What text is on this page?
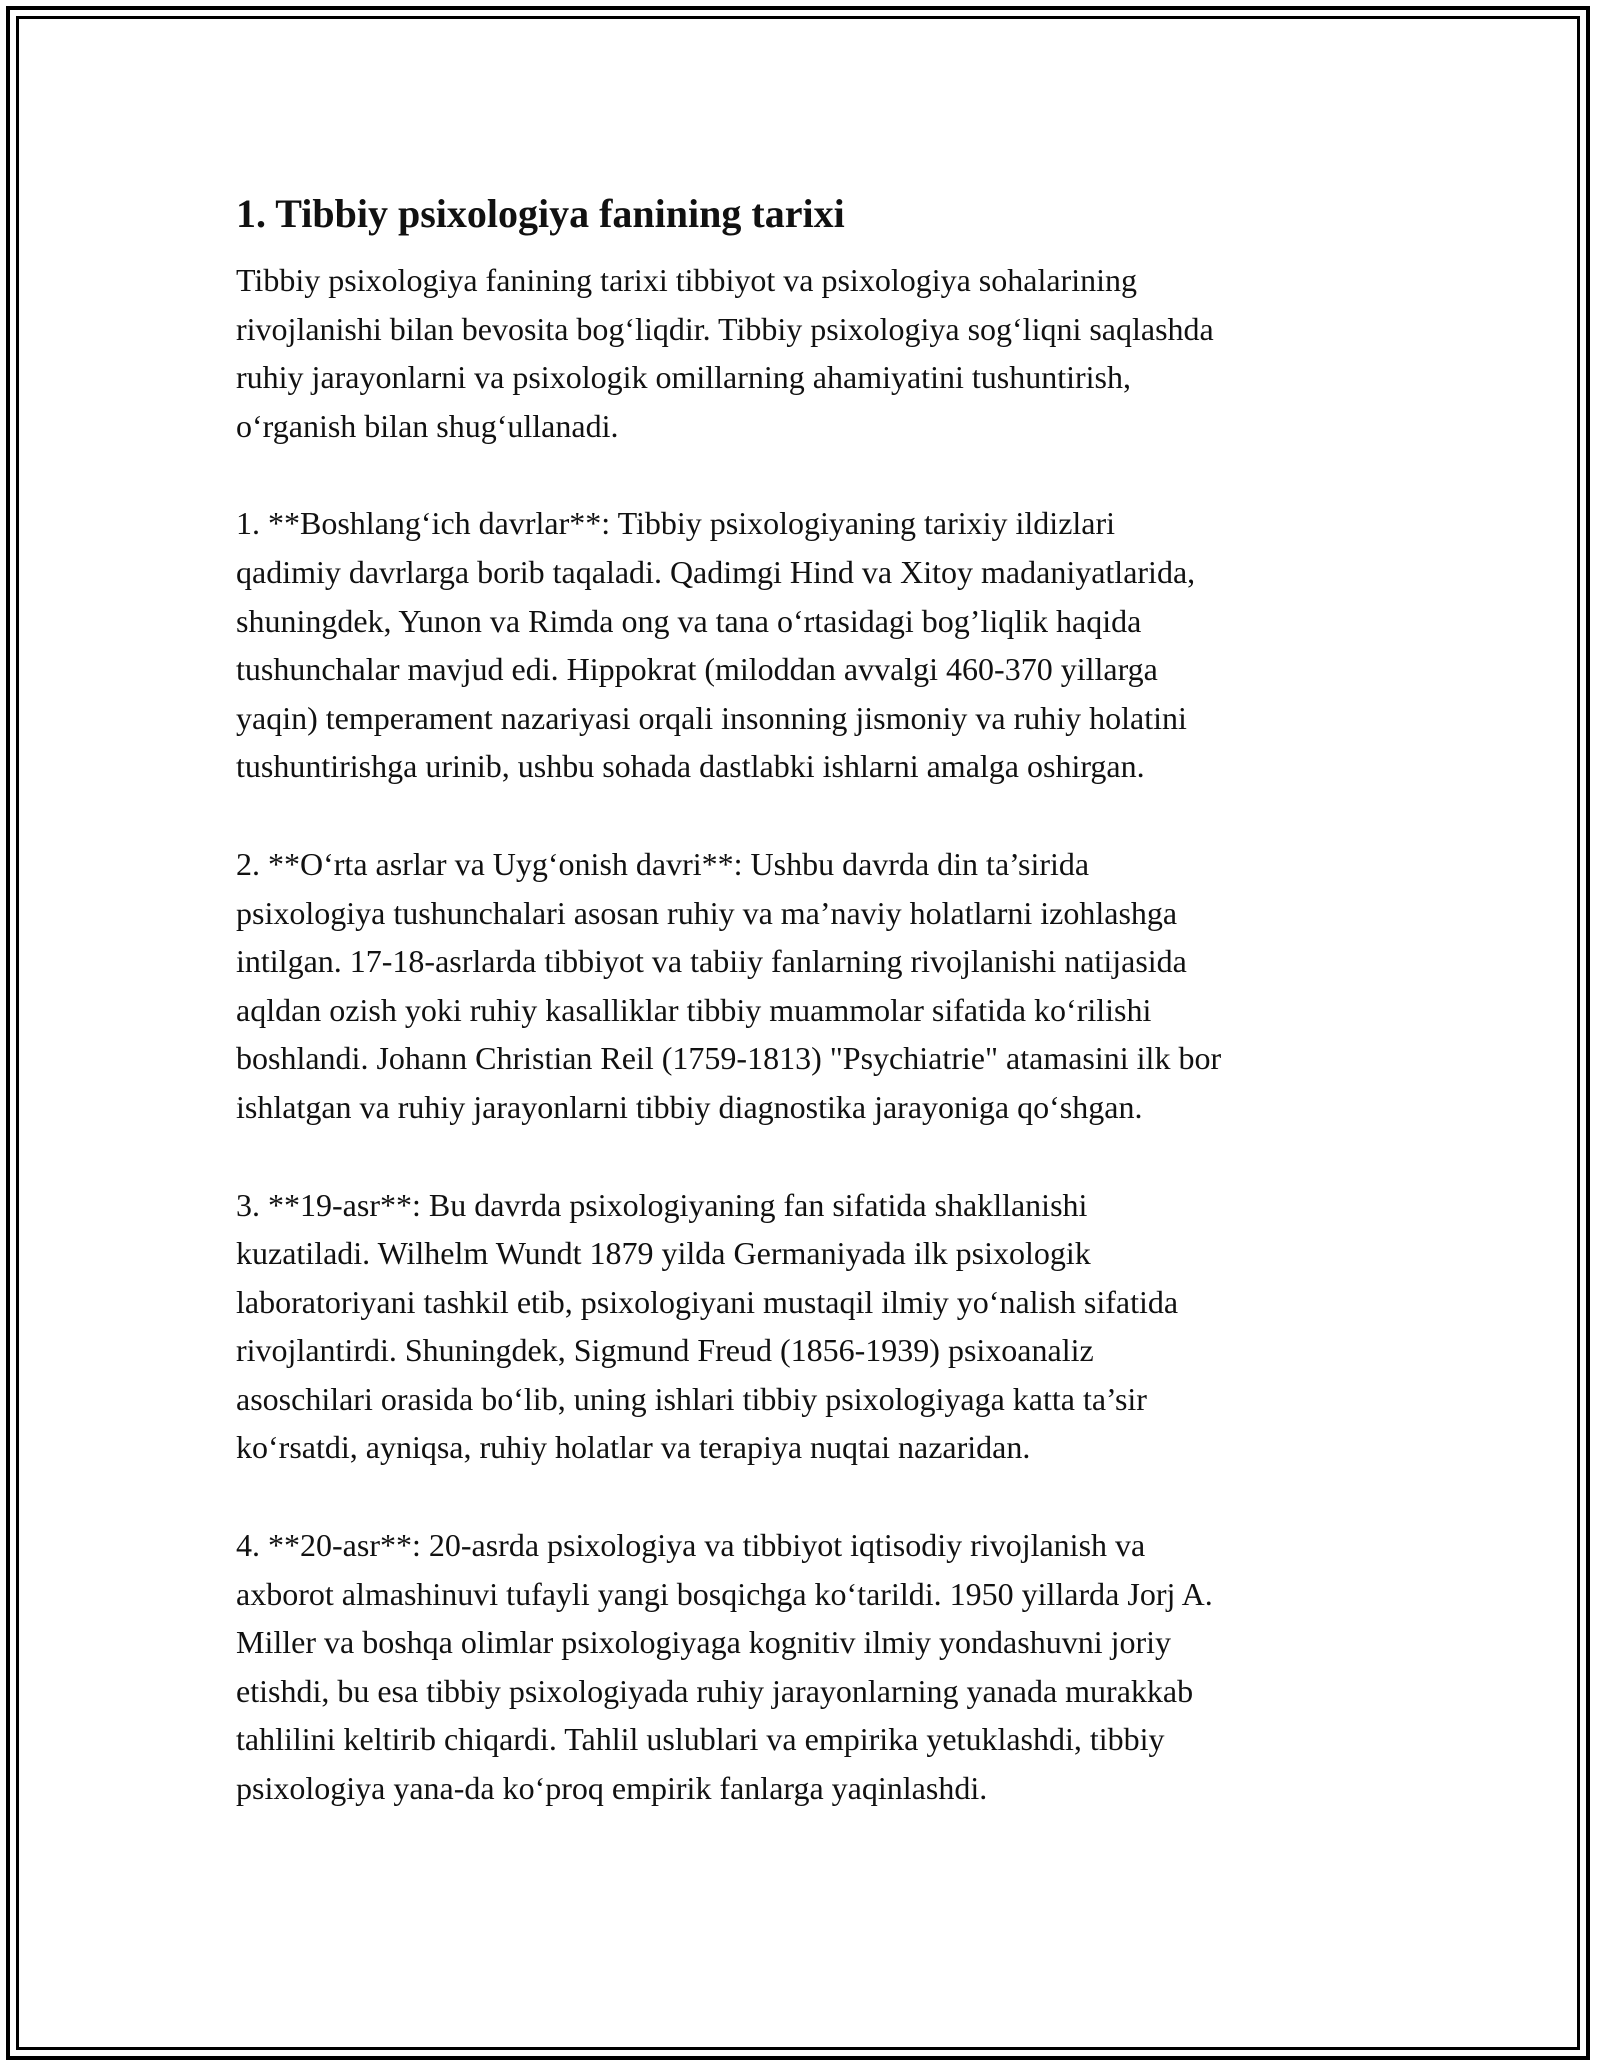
1. Tibbiy psixologiya fanining tarixi

Tibbiy psixologiya fanining tarixi tibbiyot va psixologiya sohalarining
rivojlanishi bilan bevosita bog‘liqdir. Tibbiy psixologiya sog‘liqni saqlashda
ruhiy jarayonlarni va psixologik omillarning ahamiyatini tushuntirish,
o‘rganish bilan shug‘ullanadi.

1. **Boshlang‘ich davrlar**: Tibbiy psixologiyaning tarixiy ildizlari
qadimiy davrlarga borib taqaladi. Qadimgi Hind va Xitoy madaniyatlarida,
shuningdek, Yunon va Rimda ong va tana o‘rtasidagi bog’liqlik haqida
tushunchalar mavjud edi. Hippokrat (miloddan avvalgi 460-370 yillarga
yaqin) temperament nazariyasi orqali insonning jismoniy va ruhiy holatini
tushuntirishga urinib, ushbu sohada dastlabki ishlarni amalga oshirgan.

2. **O‘rta asrlar va Uyg‘onish davri**: Ushbu davrda din ta’sirida
psixologiya tushunchalari asosan ruhiy va ma’naviy holatlarni izohlashga
intilgan. 17-18-asrlarda tibbiyot va tabiiy fanlarning rivojlanishi natijasida
aqldan ozish yoki ruhiy kasalliklar tibbiy muammolar sifatida ko‘rilishi
boshlandi. Johann Christian Reil (1759-1813) "Psychiatrie" atamasini ilk bor
ishlatgan va ruhiy jarayonlarni tibbiy diagnostika jarayoniga qo‘shgan.

3. **19-asr**: Bu davrda psixologiyaning fan sifatida shakllanishi
kuzatiladi. Wilhelm Wundt 1879 yilda Germaniyada ilk psixologik
laboratoriyani tashkil etib, psixologiyani mustaqil ilmiy yo‘nalish sifatida
rivojlantirdi. Shuningdek, Sigmund Freud (1856-1939) psixoanaliz
asoschilari orasida bo‘lib, uning ishlari tibbiy psixologiyaga katta ta’sir
ko‘rsatdi, ayniqsa, ruhiy holatlar va terapiya nuqtai nazaridan.

4. **20-asr**: 20-asrda psixologiya va tibbiyot iqtisodiy rivojlanish va
axborot almashinuvi tufayli yangi bosqichga ko‘tarildi. 1950 yillarda Jorj A.
Miller va boshqa olimlar psixologiyaga kognitiv ilmiy yondashuvni joriy
etishdi, bu esa tibbiy psixologiyada ruhiy jarayonlarning yanada murakkab
tahlilini keltirib chiqardi. Tahlil uslublari va empirika yetuklashdi, tibbiy
psixologiya yana-da ko‘proq empirik fanlarga yaqinlashdi.
